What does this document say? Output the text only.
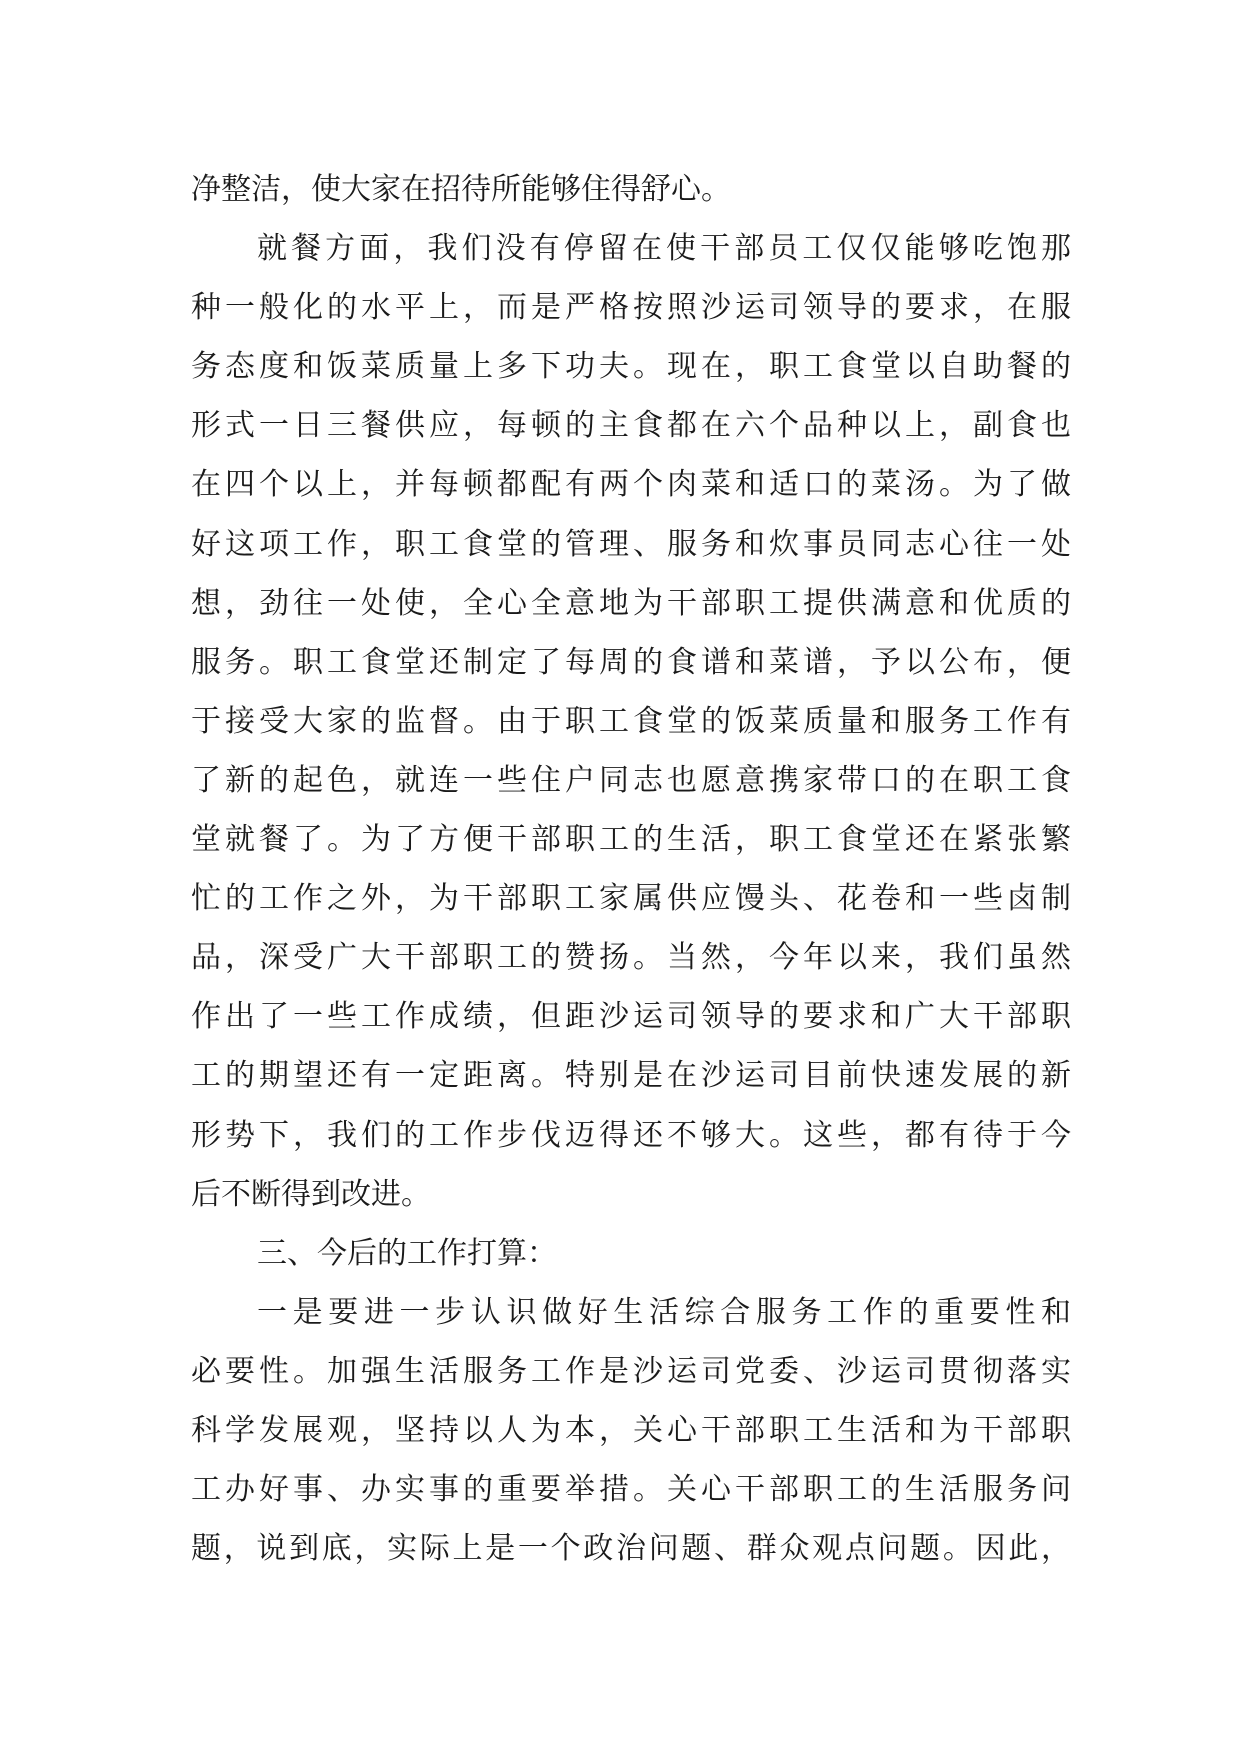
净整洁，使大家在招待所能够住得舒心。
就餐方面，我们没有停留在使干部员工仅仅能够吃饱那
种一般化的水平上，而是严格按照沙运司领导的要求，在服
务态度和饭菜质量上多下功夫。现在，职工食堂以自助餐的
形式一日三餐供应，每顿的主食都在六个品种以上，副食也
在四个以上，并每顿都配有两个肉菜和适口的菜汤。为了做
好这项工作，职工食堂的管理、服务和炊事员同志心往一处
想，劲往一处使，全心全意地为干部职工提供满意和优质的
服务。职工食堂还制定了每周的食谱和菜谱，予以公布，便
于接受大家的监督。由于职工食堂的饭菜质量和服务工作有
了新的起色，就连一些住户同志也愿意携家带口的在职工食
堂就餐了。为了方便干部职工的生活，职工食堂还在紧张繁
忙的工作之外，为干部职工家属供应馒头、花卷和一些卤制
品，深受广大干部职工的赞扬。当然，今年以来，我们虽然
作出了一些工作成绩，但距沙运司领导的要求和广大干部职
工的期望还有一定距离。特别是在沙运司目前快速发展的新
形势下，我们的工作步伐迈得还不够大。这些，都有待于今
后不断得到改进。
三、今后的工作打算：
一是要进一步认识做好生活综合服务工作的重要性和
必要性。加强生活服务工作是沙运司党委、沙运司贯彻落实
科学发展观，坚持以人为本，关心干部职工生活和为干部职
工办好事、办实事的重要举措。关心干部职工的生活服务问
题，说到底，实际上是一个政治问题、群众观点问题。因此，
